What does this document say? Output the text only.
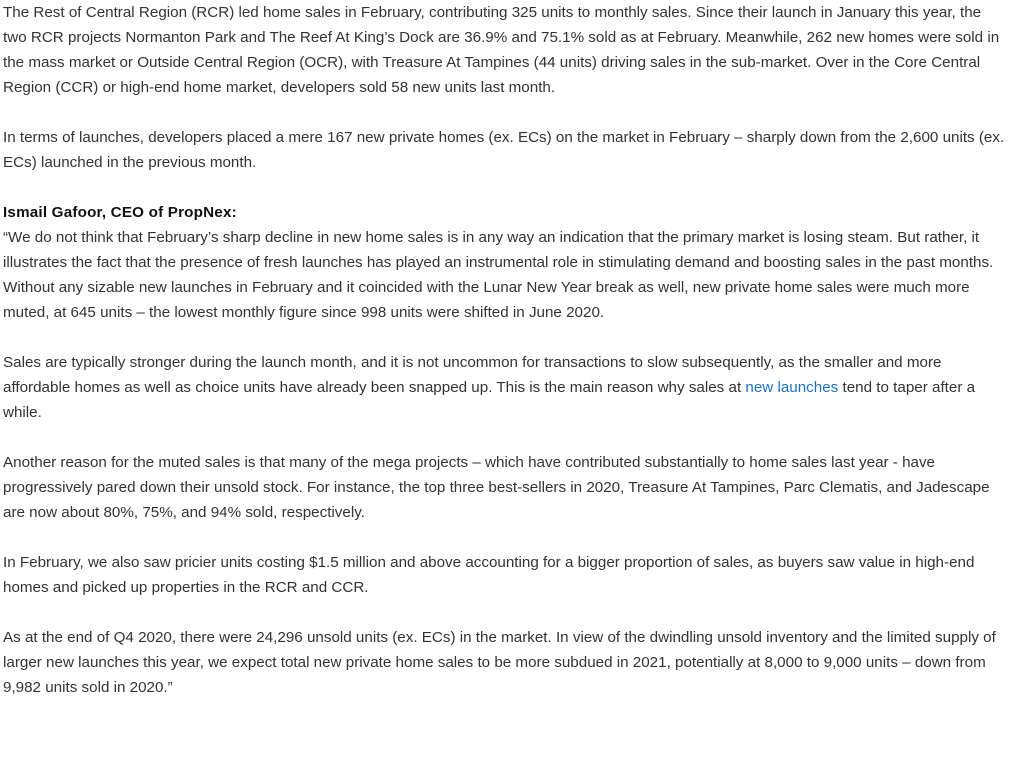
The Rest of Central Region (RCR) led home sales in February, contributing 325 units to monthly sales. Since their launch in January this year, the two RCR projects Normanton Park and The Reef At King’s Dock are 36.9% and 75.1% sold as at February. Meanwhile, 262 new homes were sold in the mass market or Outside Central Region (OCR), with Treasure At Tampines (44 units) driving sales in the sub-market. Over in the Core Central Region (CCR) or high-end home market, developers sold 58 new units last month.

In terms of launches, developers placed a mere 167 new private homes (ex. ECs) on the market in February – sharply down from the 2,600 units (ex. ECs) launched in the previous month.

Ismail Gafoor, CEO of PropNex:

“We do not think that February’s sharp decline in new home sales is in any way an indication that the primary market is losing steam. But rather, it illustrates the fact that the presence of fresh launches has played an instrumental role in stimulating demand and boosting sales in the past months. Without any sizable new launches in February and it coincided with the Lunar New Year break as well, new private home sales were much more muted, at 645 units – the lowest monthly figure since 998 units were shifted in June 2020.

Sales are typically stronger during the launch month, and it is not uncommon for transactions to slow subsequently, as the smaller and more affordable homes as well as choice units have already been snapped up. This is the main reason why sales at new launches tend to taper after a while.

Another reason for the muted sales is that many of the mega projects – which have contributed substantially to home sales last year - have progressively pared down their unsold stock. For instance, the top three best-sellers in 2020, Treasure At Tampines, Parc Clematis, and Jadescape are now about 80%, 75%, and 94% sold, respectively.

In February, we also saw pricier units costing $1.5 million and above accounting for a bigger proportion of sales, as buyers saw value in high-end homes and picked up properties in the RCR and CCR.

As at the end of Q4 2020, there were 24,296 unsold units (ex. ECs) in the market. In view of the dwindling unsold inventory and the limited supply of larger new launches this year, we expect total new private home sales to be more subdued in 2021, potentially at 8,000 to 9,000 units – down from 9,982 units sold in 2020.”
